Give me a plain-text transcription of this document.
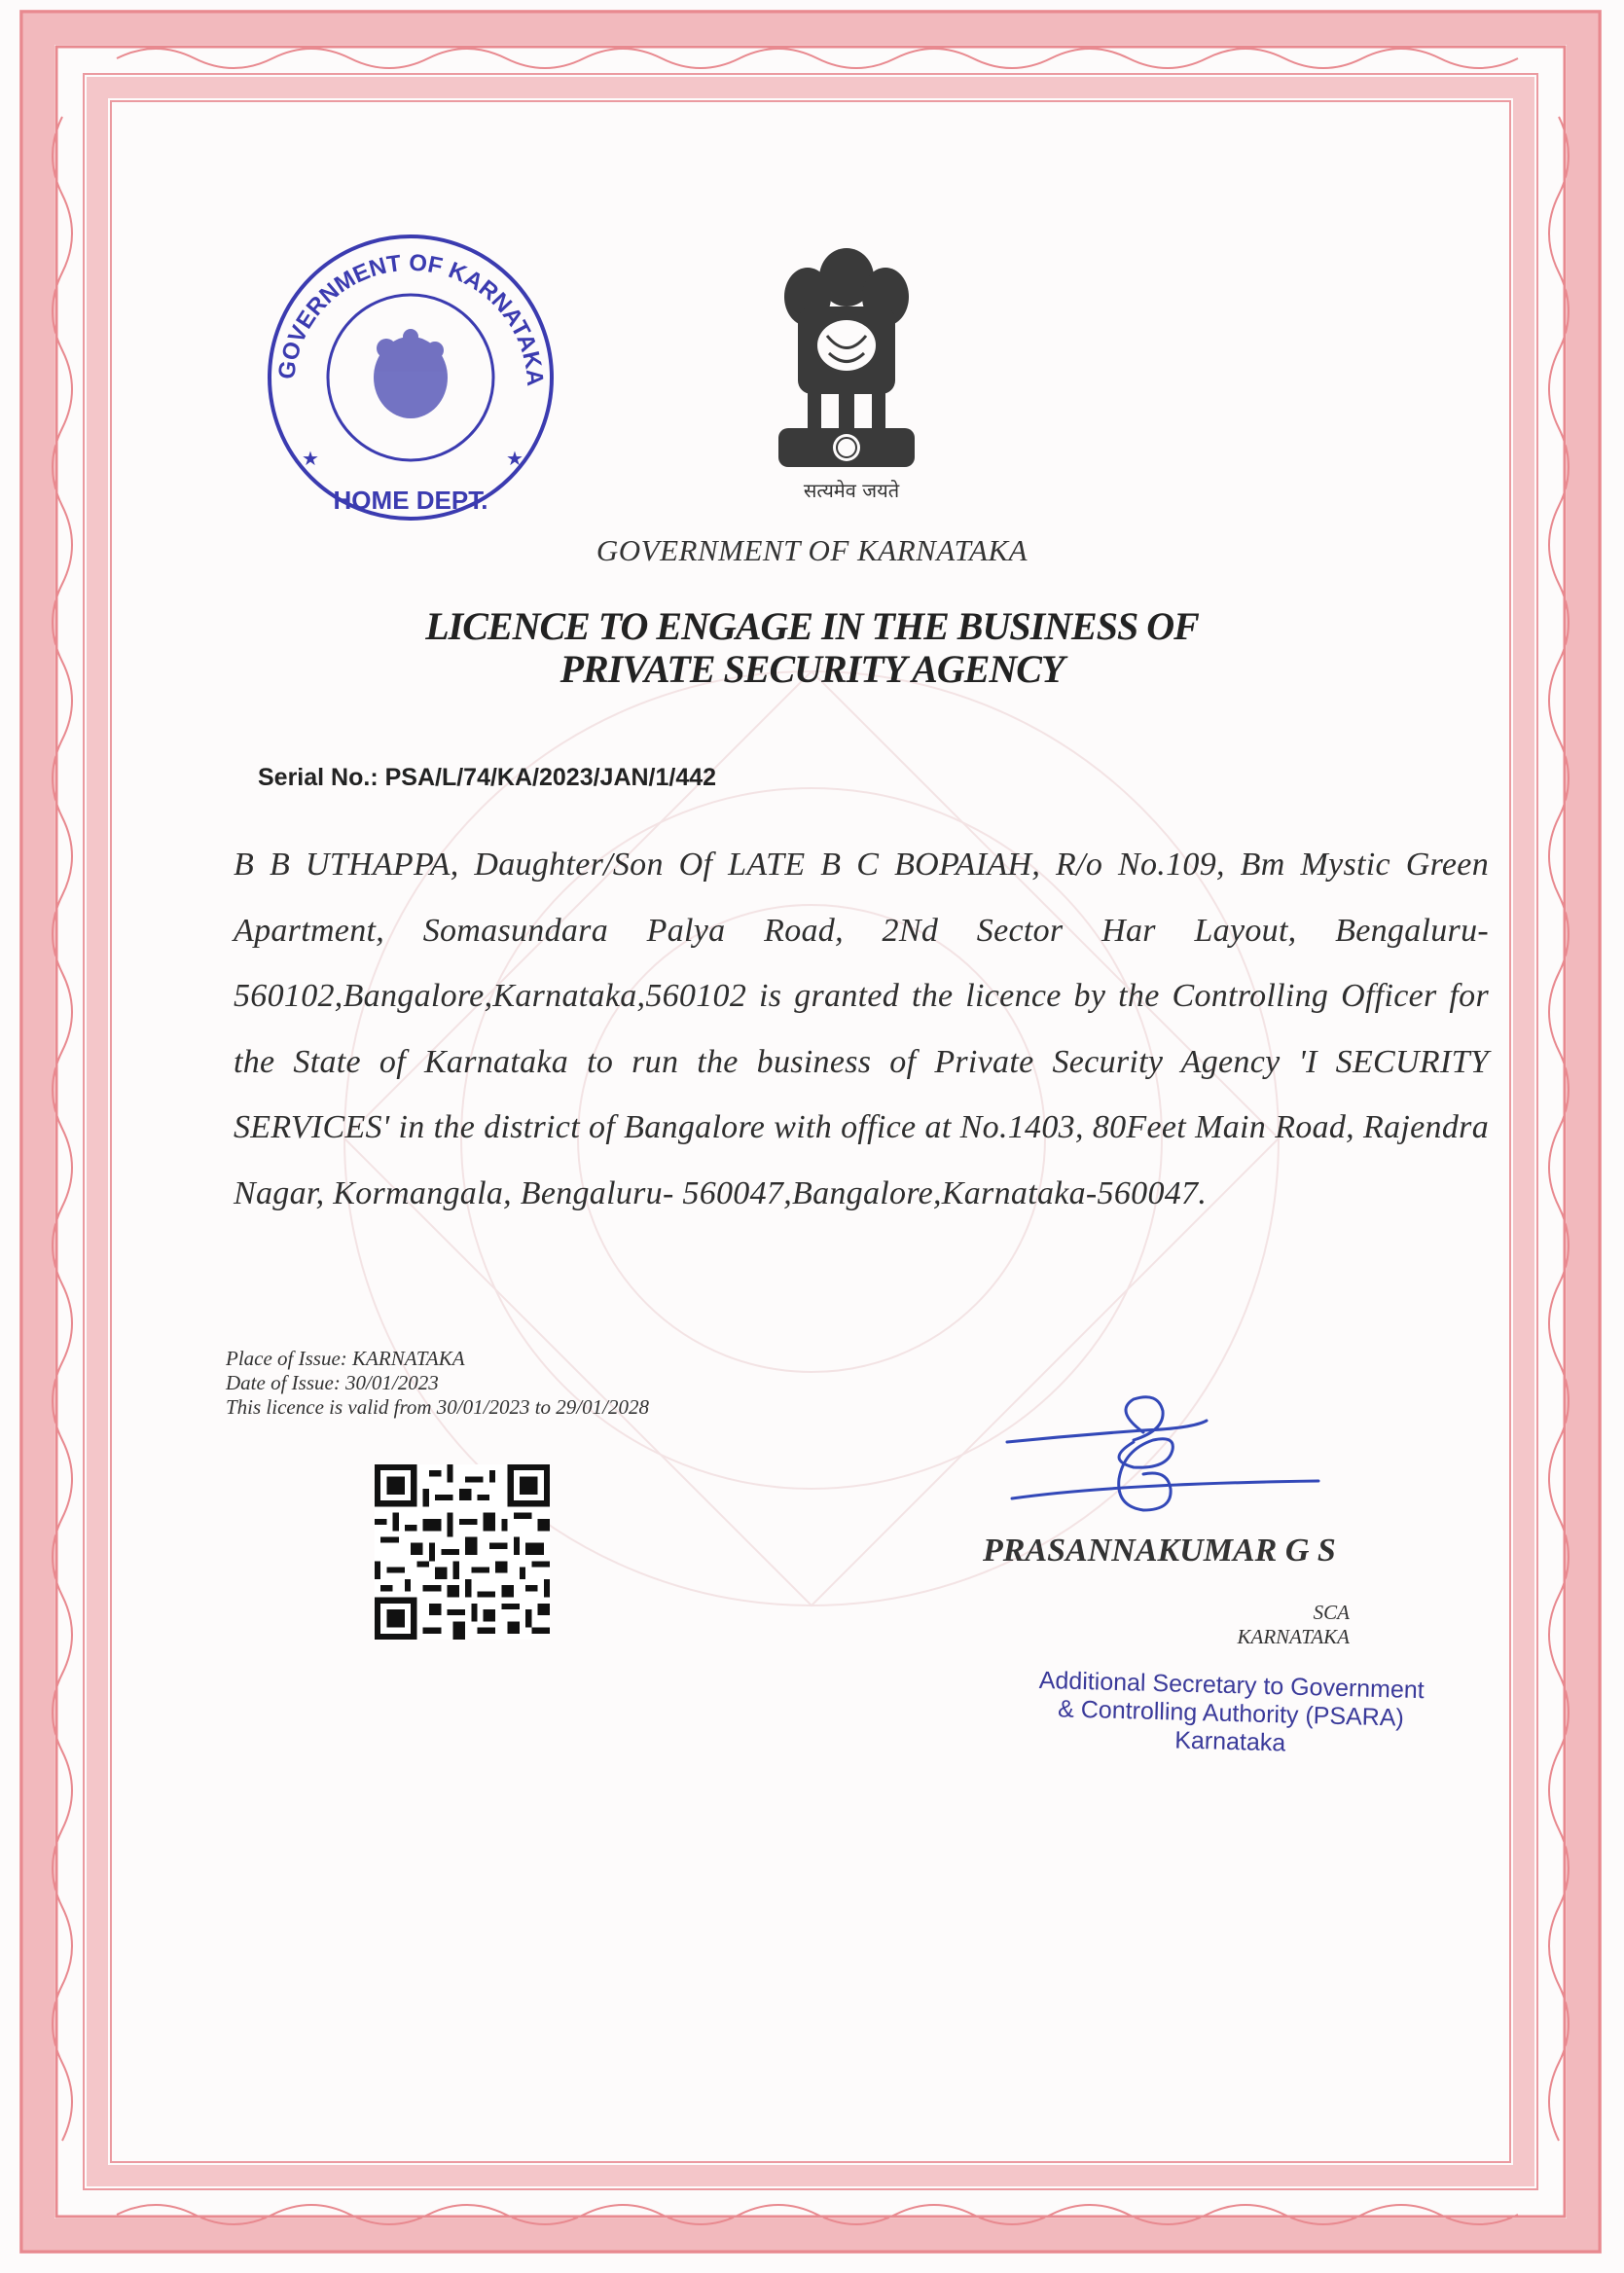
GOVERNMENT OF KARNATAKA
HOME DEPT.
★	★
सत्यमेव जयते
GOVERNMENT OF KARNATAKA
LICENCE TO ENGAGE IN THE BUSINESS OF
PRIVATE SECURITY AGENCY
Serial No.: PSA/L/74/KA/2023/JAN/1/442
B B UTHAPPA, Daughter/Son Of LATE B C BOPAIAH, R/o No.109, Bm Mystic Green Apartment, Somasundara Palya Road, 2Nd Sector Har Layout, Bengaluru-560102,Bangalore,Karnataka,560102 is granted the licence by the Controlling Officer for the State of Karnataka to run the business of Private Security Agency 'I SECURITY SERVICES' in the district of Bangalore with office at No.1403, 80Feet Main Road, Rajendra Nagar, Kormangala, Bengaluru- 560047,Bangalore,Karnataka-560047.
Place of Issue: KARNATAKA
Date of Issue: 30/01/2023
This licence is valid from 30/01/2023 to 29/01/2028
PRASANNAKUMAR G S
SCA
KARNATAKA
Additional Secretary to Government
& Controlling Authority (PSARA)
Karnataka
